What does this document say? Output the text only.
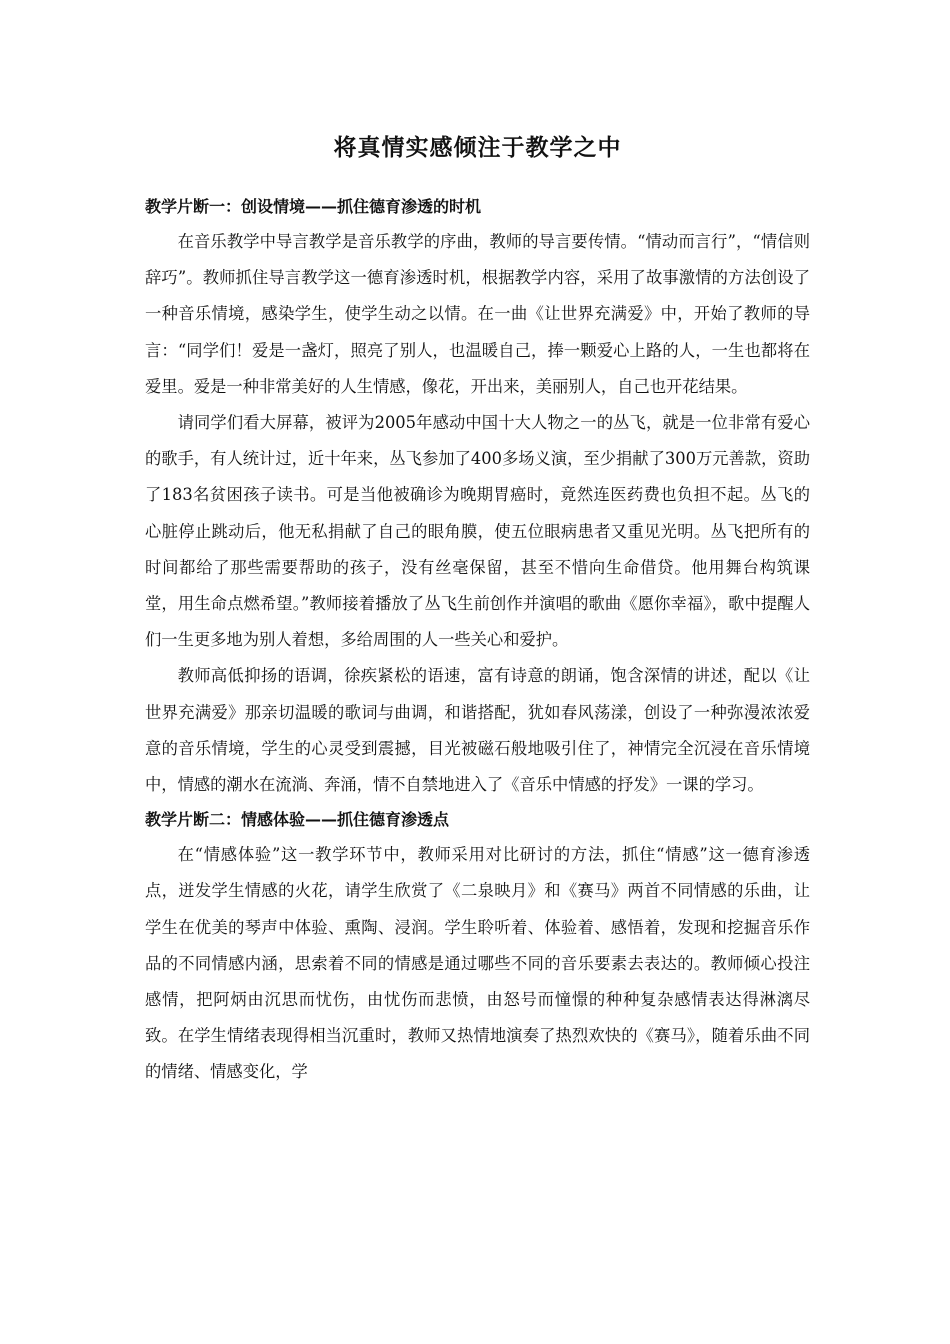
将真情实感倾注于教学之中
教学片断一：创设情境——抓住德育渗透的时机

在音乐教学中导言教学是音乐教学的序曲，教师的导言要传情。“情动而言行”，“情信则辞巧”。教师抓住导言教学这一德育渗透时机，根据教学内容，采用了故事激情的方法创设了一种音乐情境，感染学生，使学生动之以情。在一曲《让世界充满爱》中，开始了教师的导言：“同学们！爱是一盏灯，照亮了别人，也温暖自己，捧一颗爱心上路的人，一生也都将在爱里。爱是一种非常美好的人生情感，像花，开出来，美丽别人，自己也开花结果。

请同学们看大屏幕，被评为2005年感动中国十大人物之一的丛飞，就是一位非常有爱心的歌手，有人统计过，近十年来，丛飞参加了400多场义演，至少捐献了300万元善款，资助了183名贫困孩子读书。可是当他被确诊为晚期胃癌时，竟然连医药费也负担不起。丛飞的心脏停止跳动后，他无私捐献了自己的眼角膜，使五位眼病患者又重见光明。丛飞把所有的时间都给了那些需要帮助的孩子，没有丝毫保留，甚至不惜向生命借贷。他用舞台构筑课堂，用生命点燃希望。”教师接着播放了丛飞生前创作并演唱的歌曲《愿你幸福》，歌中提醒人们一生更多地为别人着想，多给周围的人一些关心和爱护。

教师高低抑扬的语调，徐疾紧松的语速，富有诗意的朗诵，饱含深情的讲述，配以《让世界充满爱》那亲切温暖的歌词与曲调，和谐搭配，犹如春风荡漾，创设了一种弥漫浓浓爱意的音乐情境，学生的心灵受到震撼，目光被磁石般地吸引住了，神情完全沉浸在音乐情境中，情感的潮水在流淌、奔涌，情不自禁地进入了《音乐中情感的抒发》一课的学习。

教学片断二：情感体验——抓住德育渗透点

在“情感体验”这一教学环节中，教师采用对比研讨的方法，抓住“情感”这一德育渗透点，迸发学生情感的火花，请学生欣赏了《二泉映月》和《赛马》两首不同情感的乐曲，让学生在优美的琴声中体验、熏陶、浸润。学生聆听着、体验着、感悟着，发现和挖掘音乐作品的不同情感内涵，思索着不同的情感是通过哪些不同的音乐要素去表达的。教师倾心投注感情，把阿炳由沉思而忧伤，由忧伤而悲愤，由怒号而憧憬的种种复杂感情表达得淋漓尽致。在学生情绪表现得相当沉重时，教师又热情地演奏了热烈欢快的《赛马》，随着乐曲不同的情绪、情感变化，学
